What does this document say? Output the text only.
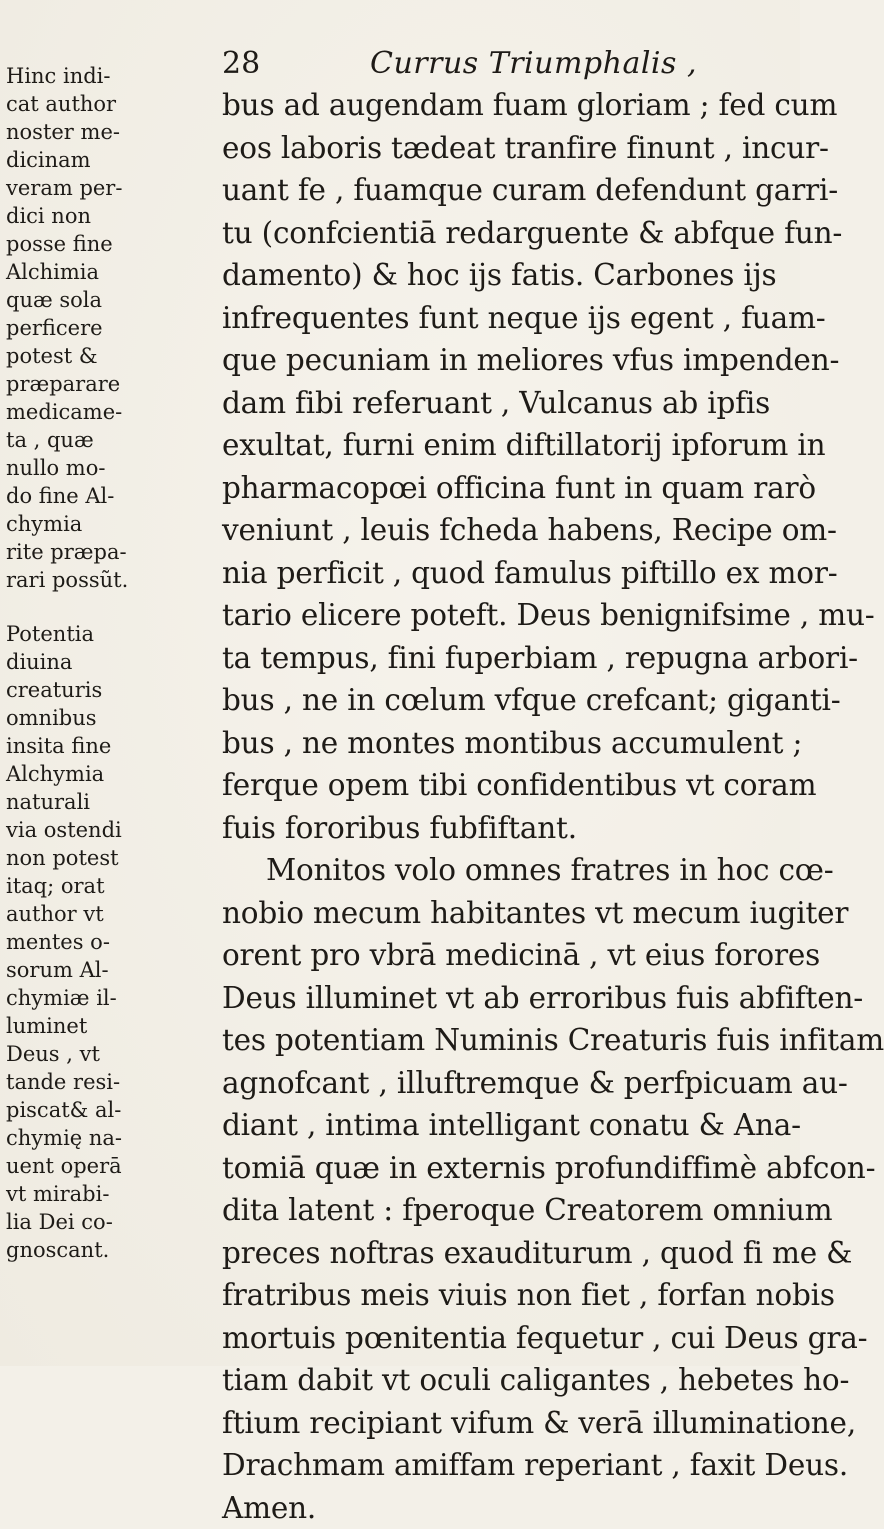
28	Currus Triumphalis ,

Hinc indi-
cat author
noster me-
dicinam
veram per-
dici non
posse fine
Alchimia
quæ sola
perficere
potest &
præparare
medicame-
ta , quæ
nullo mo-
do fine Al-
chymia
rite præpa-
rari possũt.

Potentia
diuina
creaturis
omnibus
insita fine
Alchymia
naturali
via ostendi
non potest
itaq; orat
author vt
mentes o-
sorum Al-
chymiæ il-
luminet
Deus , vt
tande resi-
piscat& al-
chymię na-
uent operā
vt mirabi-
lia Dei co-
gnoscant.

bus ad augendam fuam gloriam ; fed cum
eos laboris tædeat tranfire finunt , incur-
uant fe , fuamque curam defendunt garri-
tu (confcientiā redarguente & abfque fun-
damento) & hoc ijs fatis. Carbones ijs
infrequentes funt neque ijs egent , fuam-
que pecuniam in meliores vfus impenden-
dam fibi referuant , Vulcanus ab ipfis
exultat, furni enim diftillatorij ipforum in
pharmacopœi officina funt in quam rarò
veniunt , leuis fcheda habens, Recipe om-
nia perficit , quod famulus piftillo ex mor-
tario elicere poteft. Deus benignifsime , mu-
ta tempus, fini fuperbiam , repugna arbori-
bus , ne in cœlum vfque crefcant; giganti-
bus , ne montes montibus accumulent ;
ferque opem tibi confidentibus vt coram
fuis fororibus fubfiftant.
Monitos volo omnes fratres in hoc cœ-
nobio mecum habitantes vt mecum iugiter
orent pro vbrā medicinā , vt eius forores
Deus illuminet vt ab erroribus fuis abfiften-
tes potentiam Numinis Creaturis fuis infitam
agnofcant , illuftremque & perfpicuam au-
diant , intima intelligant conatu & Ana-
tomiā quæ in externis profundiffimè abfcon-
dita latent : fperoque Creatorem omnium
preces noftras exauditurum , quod fi me &
fratribus meis viuis non fiet , forfan nobis
mortuis pœnitentia fequetur , cui Deus gra-
tiam dabit vt oculi caligantes , hebetes ho-
ftium recipiant vifum & verā illuminatione,
Drachmam amiffam reperiant , faxit Deus.
Amen.
